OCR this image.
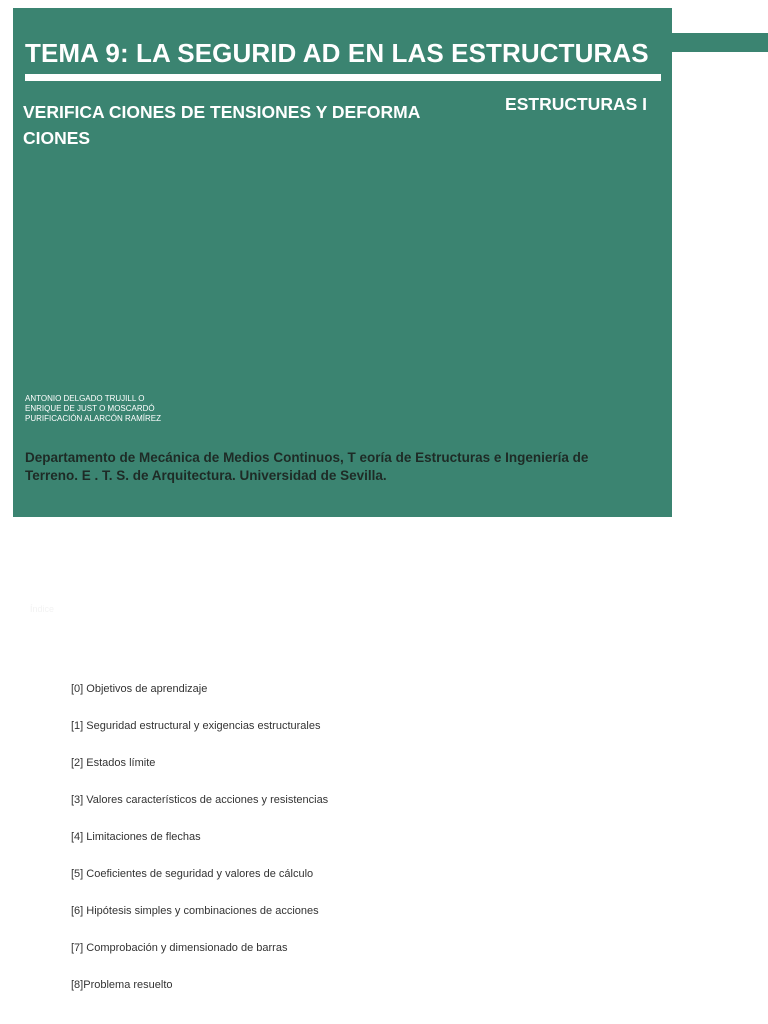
TEMA 9: LA SEGURID AD EN LAS ESTRUCTURAS
VERIFICA CIONES DE TENSIONES Y DEFORMA CIONES
ESTRUCTURAS I
ANTONIO DELGADO TRUJILL O
ENRIQUE DE JUST O MOSCARDÓ
PURIFICACIÓN ALARCÓN RAMÍREZ

Departamento de Mecánica de Medios Continuos, T eoría de Estructuras e Ingeniería de Terreno. E . T. S. de Arquitectura. Universidad de Sevilla.

Índice
[0] Objetivos de aprendizaje
[1] Seguridad estructural y exigencias estructurales
[2] Estados límite
[3] Valores característicos de acciones y resistencias
[4] Limitaciones de flechas
[5] Coeficientes de seguridad y valores de cálculo
[6] Hipótesis simples y combinaciones de acciones
[7] Comprobación y dimensionado de barras
[8]Problema resuelto
